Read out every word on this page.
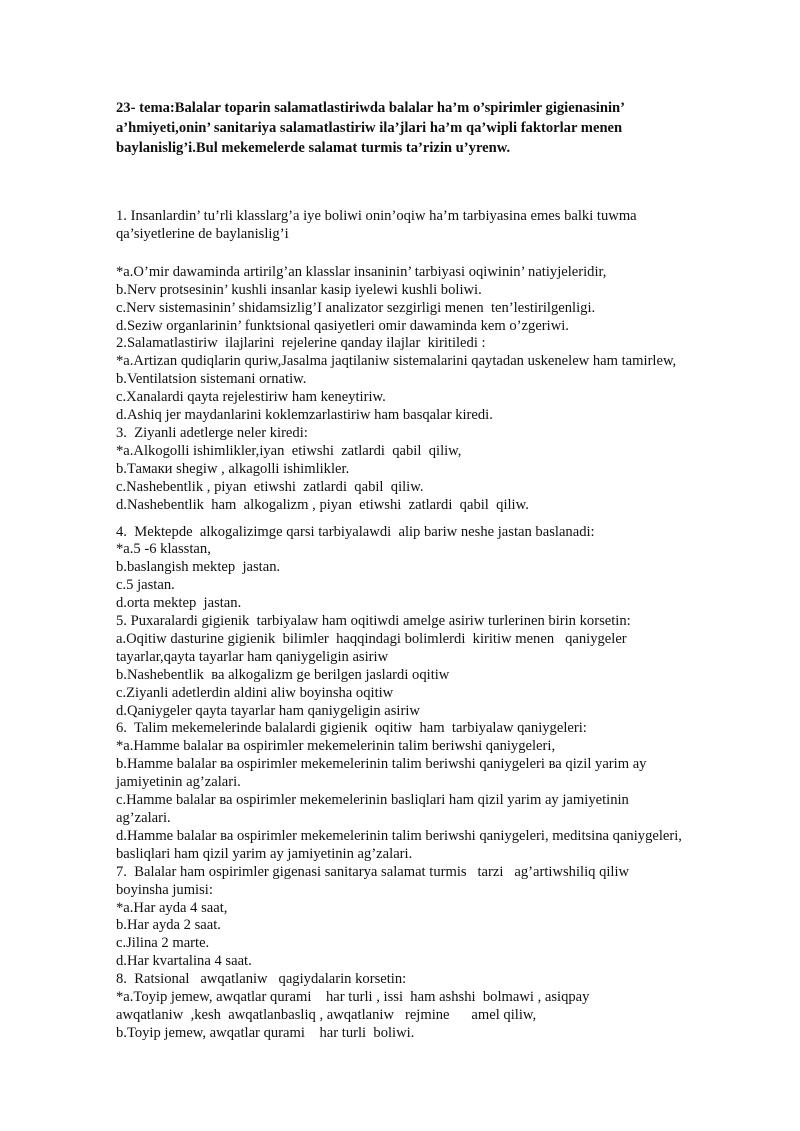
23- tema:Balalar toparin salamatlastiriwda balalar ha’m o’spirimler gigienasinin’
a’hmiyeti,onin’ sanitariya salamatlastiriw ila’jlari ha’m qa’wipli faktorlar menen
baylanislig’i.Bul mekemelerde salamat turmis ta’rizin u’yrenw.

1. Insanlardin’ tu’rli klasslarg’a iye boliwi onin’oqiw ha’m tarbiyasina emes balki tuwma

qa’siyetlerine de baylanislig’i

*a.O’mir dawaminda artirilg’an klasslar insaninin’ tarbiyasi oqiwinin’ natiyjeleridir,

b.Nerv protsesinin’ kushli insanlar kasip iyelewi kushli boliwi.

c.Nerv sistemasinin’ shidamsizlig’I analizator sezgirligi menen  ten’lestirilgenligi.

d.Seziw organlarinin’ funktsional qasiyetleri omir dawaminda kem o’zgeriwi.

2.Salamatlastiriw  ilajlarini  rejelerine qanday ilajlar  kiritiledi :

*a.Artizan qudiqlarin quriw,Jasalma jaqtilaniw sistemalarini qaytadan uskenelew ham tamirlew,

b.Ventilatsion sistemani ornatiw.

c.Xanalardi qayta rejelestiriw ham keneytiriw.

d.Ashiq jer maydanlarini koklemzarlastiriw ham basqalar kiredi.

3.  Ziyanli adetlerge neler kiredi:

*a.Alkogolli ishimlikler,iyan  etiwshi  zatlardi  qabil  qiliw,

b.Тамаки shegiw , alkagolli ishimlikler.

c.Nashebentlik , piyan  etiwshi  zatlardi  qabil  qiliw.

d.Nashebentlik  ham  alkogalizm , piyan  etiwshi  zatlardi  qabil  qiliw.

4.  Mektepde  alkogalizimge qarsi tarbiyalawdi  alip bariw neshe jastan baslanadi:

*a.5 -6 klasstan,

b.baslangish mektep  jastan.

c.5 jastan.

d.orta mektep  jastan.

5. Puxaralardi gigienik  tarbiyalaw ham oqitiwdi amelge asiriw turlerinen birin korsetin:

a.Oqitiw dasturine gigienik  bilimler  haqqindagi bolimlerdi  kiritiw menen   qaniygeler

tayarlar,qayta tayarlar ham qaniygeligin asiriw

b.Nashebentlik  ва alkogalizm ge berilgen jaslardi oqitiw

c.Ziyanli adetlerdin aldini aliw boyinsha oqitiw

d.Qaniygeler qayta tayarlar ham qaniygeligin asiriw

6.  Talim mekemelerinde balalardi gigienik  oqitiw  ham  tarbiyalaw qaniygeleri:

*a.Hamme balalar ва ospirimler mekemelerinin talim beriwshi qaniygeleri,

b.Hamme balalar ва ospirimler mekemelerinin talim beriwshi qaniygeleri ва qizil yarim ay

jamiyetinin ag’zalari.

c.Hamme balalar ва ospirimler mekemelerinin basliqlari ham qizil yarim ay jamiyetinin

ag’zalari.

d.Hamme balalar ва ospirimler mekemelerinin talim beriwshi qaniygeleri, meditsina qaniygeleri,

basliqlari ham qizil yarim ay jamiyetinin ag’zalari.

7.  Balalar ham ospirimler gigenasi sanitarya salamat turmis   tarzi   ag’artiwshiliq qiliw

boyinsha jumisi:

*a.Har ayda 4 saat,

b.Har ayda 2 saat.

c.Jilina 2 marte.

d.Har kvartalina 4 saat.

8.  Ratsional   awqatlaniw   qagiydalarin korsetin:

*a.Toyip jemew, awqatlar qurami    har turli , issi  ham ashshi  bolmawi , asiqpay

awqatlaniw  ,kesh  awqatlanbasliq , awqatlaniw   rejmine      amel qiliw,

b.Toyip jemew, awqatlar qurami    har turli  boliwi.
